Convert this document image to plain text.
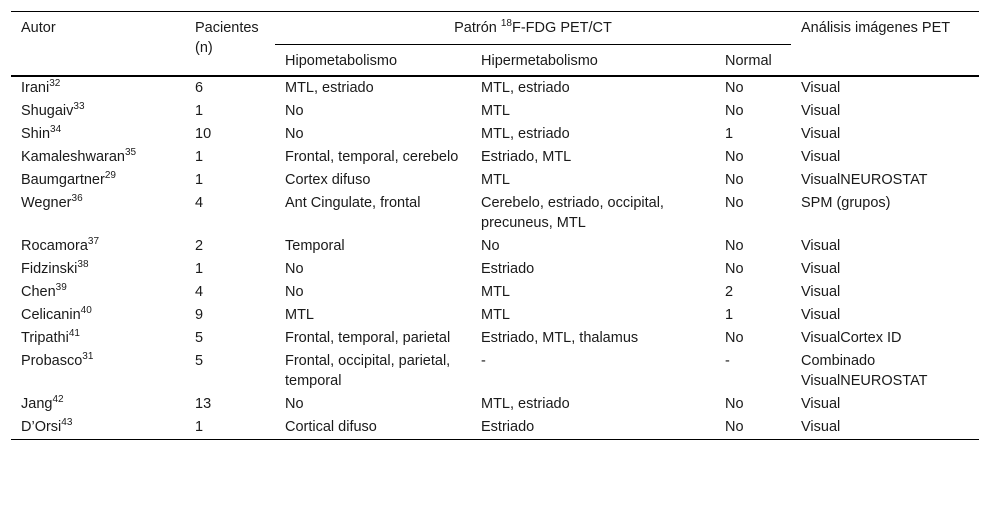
Autor	Pacientes (n)	Patrón $^{18}$F-FDG PET/CT			Análisis imágenes PET
		Hipometabolismo	Hipermetabolismo	Normal	
Irani$^{32}$	6	MTL, estriado	MTL, estriado	No	Visual
Shugaiv$^{33}$	1	No	MTL	No	Visual
Shin$^{34}$	10	No	MTL, estriado	1	Visual
Kamaleshwaran$^{35}$	1	Frontal, temporal, cerebelo	Estriado, MTL	No	Visual
Baumgartner$^{29}$	1	Cortex difuso	MTL	No	VisualNEUROSTAT
Wegner$^{36}$	4	Ant Cingulate, frontal	Cerebelo, estriado, occipital, precuneus, MTL	No	SPM (grupos)
Rocamora$^{37}$	2	Temporal	No	No	Visual
Fidzinski$^{38}$	1	No	Estriado	No	Visual
Chen$^{39}$	4	No	MTL	2	Visual
Celicanin$^{40}$	9	MTL	MTL	1	Visual
Tripathi$^{41}$	5	Frontal, temporal, parietal	Estriado, MTL, thalamus	No	VisualCortex ID
Probasco$^{31}$	5	Frontal, occipital, parietal, temporal	-	-	Combinado VisualNEUROSTAT
Jang$^{42}$	13	No	MTL, estriado	No	Visual
D’Orsi$^{43}$	1	Cortical difuso	Estriado	No	Visual
